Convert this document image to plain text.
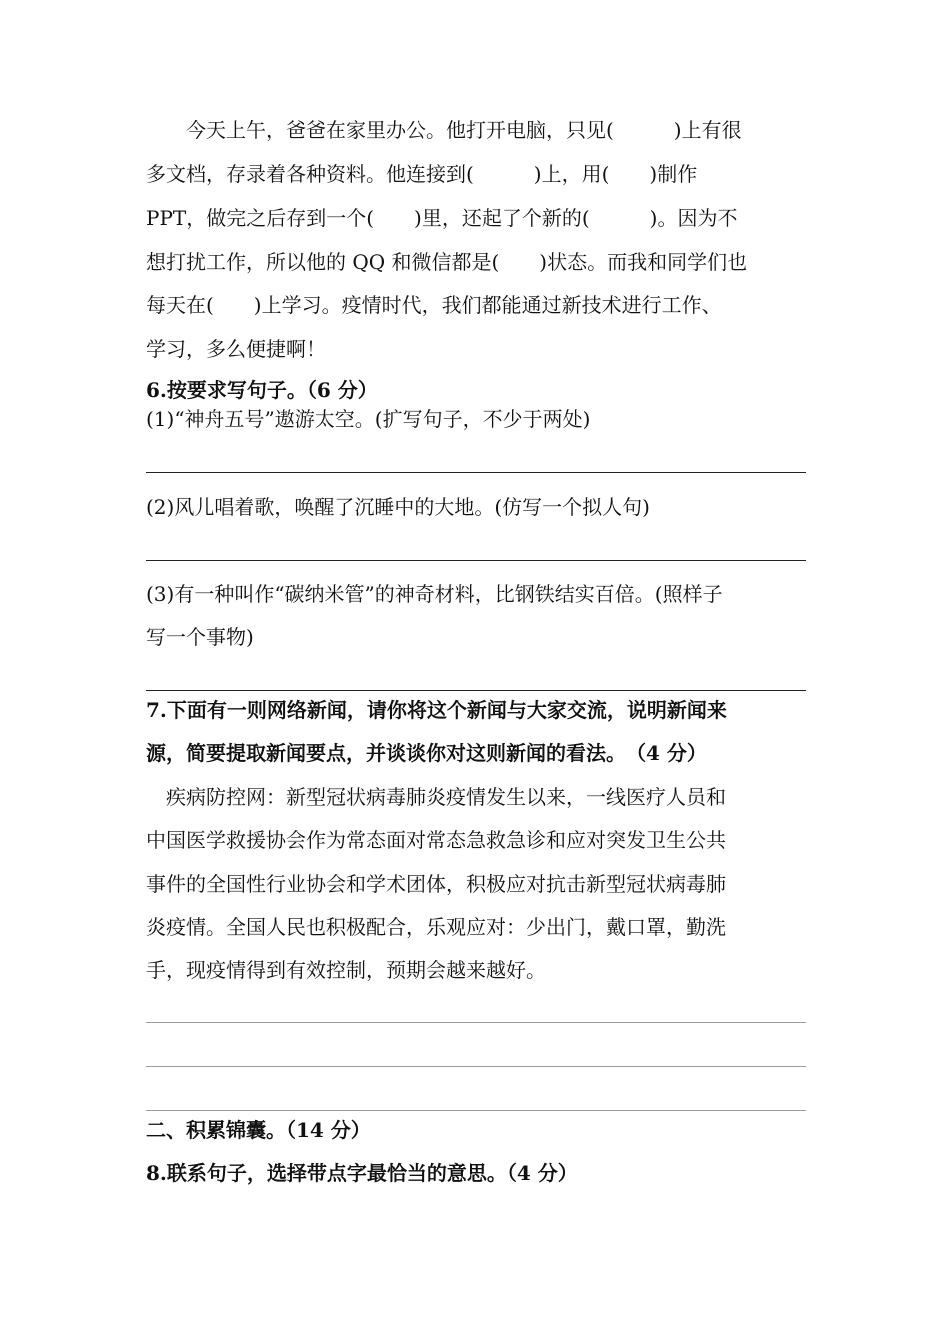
　　今天上午，爸爸在家里办公。他打开电脑，只见(　　　)上有很
多文档，存录着各种资料。他连接到(　　　)上，用(　　)制作
PPT，做完之后存到一个(　　)里，还起了个新的(　　　)。因为不
想打扰工作，所以他的 QQ 和微信都是(　　)状态。而我和同学们也
每天在(　　)上学习。疫情时代，我们都能通过新技术进行工作、
学习，多么便捷啊！
6.按要求写句子。（6 分）
(1)“神舟五号”遨游太空。(扩写句子，不少于两处)
(2)风儿唱着歌，唤醒了沉睡中的大地。(仿写一个拟人句)
(3)有一种叫作“碳纳米管”的神奇材料，比钢铁结实百倍。(照样子
写一个事物)
7.下面有一则网络新闻，请你将这个新闻与大家交流，说明新闻来
源，简要提取新闻要点，并谈谈你对这则新闻的看法。　（4 分）
　疾病防控网：新型冠状病毒肺炎疫情发生以来，一线医疗人员和
中国医学救援协会作为常态面对常态急救急诊和应对突发卫生公共
事件的全国性行业协会和学术团体，积极应对抗击新型冠状病毒肺
炎疫情。全国人民也积极配合，乐观应对：少出门，戴口罩，勤洗
手，现疫情得到有效控制，预期会越来越好。
二、积累锦囊。（14 分）
8.联系句子，选择带点字最恰当的意思。（4 分）
